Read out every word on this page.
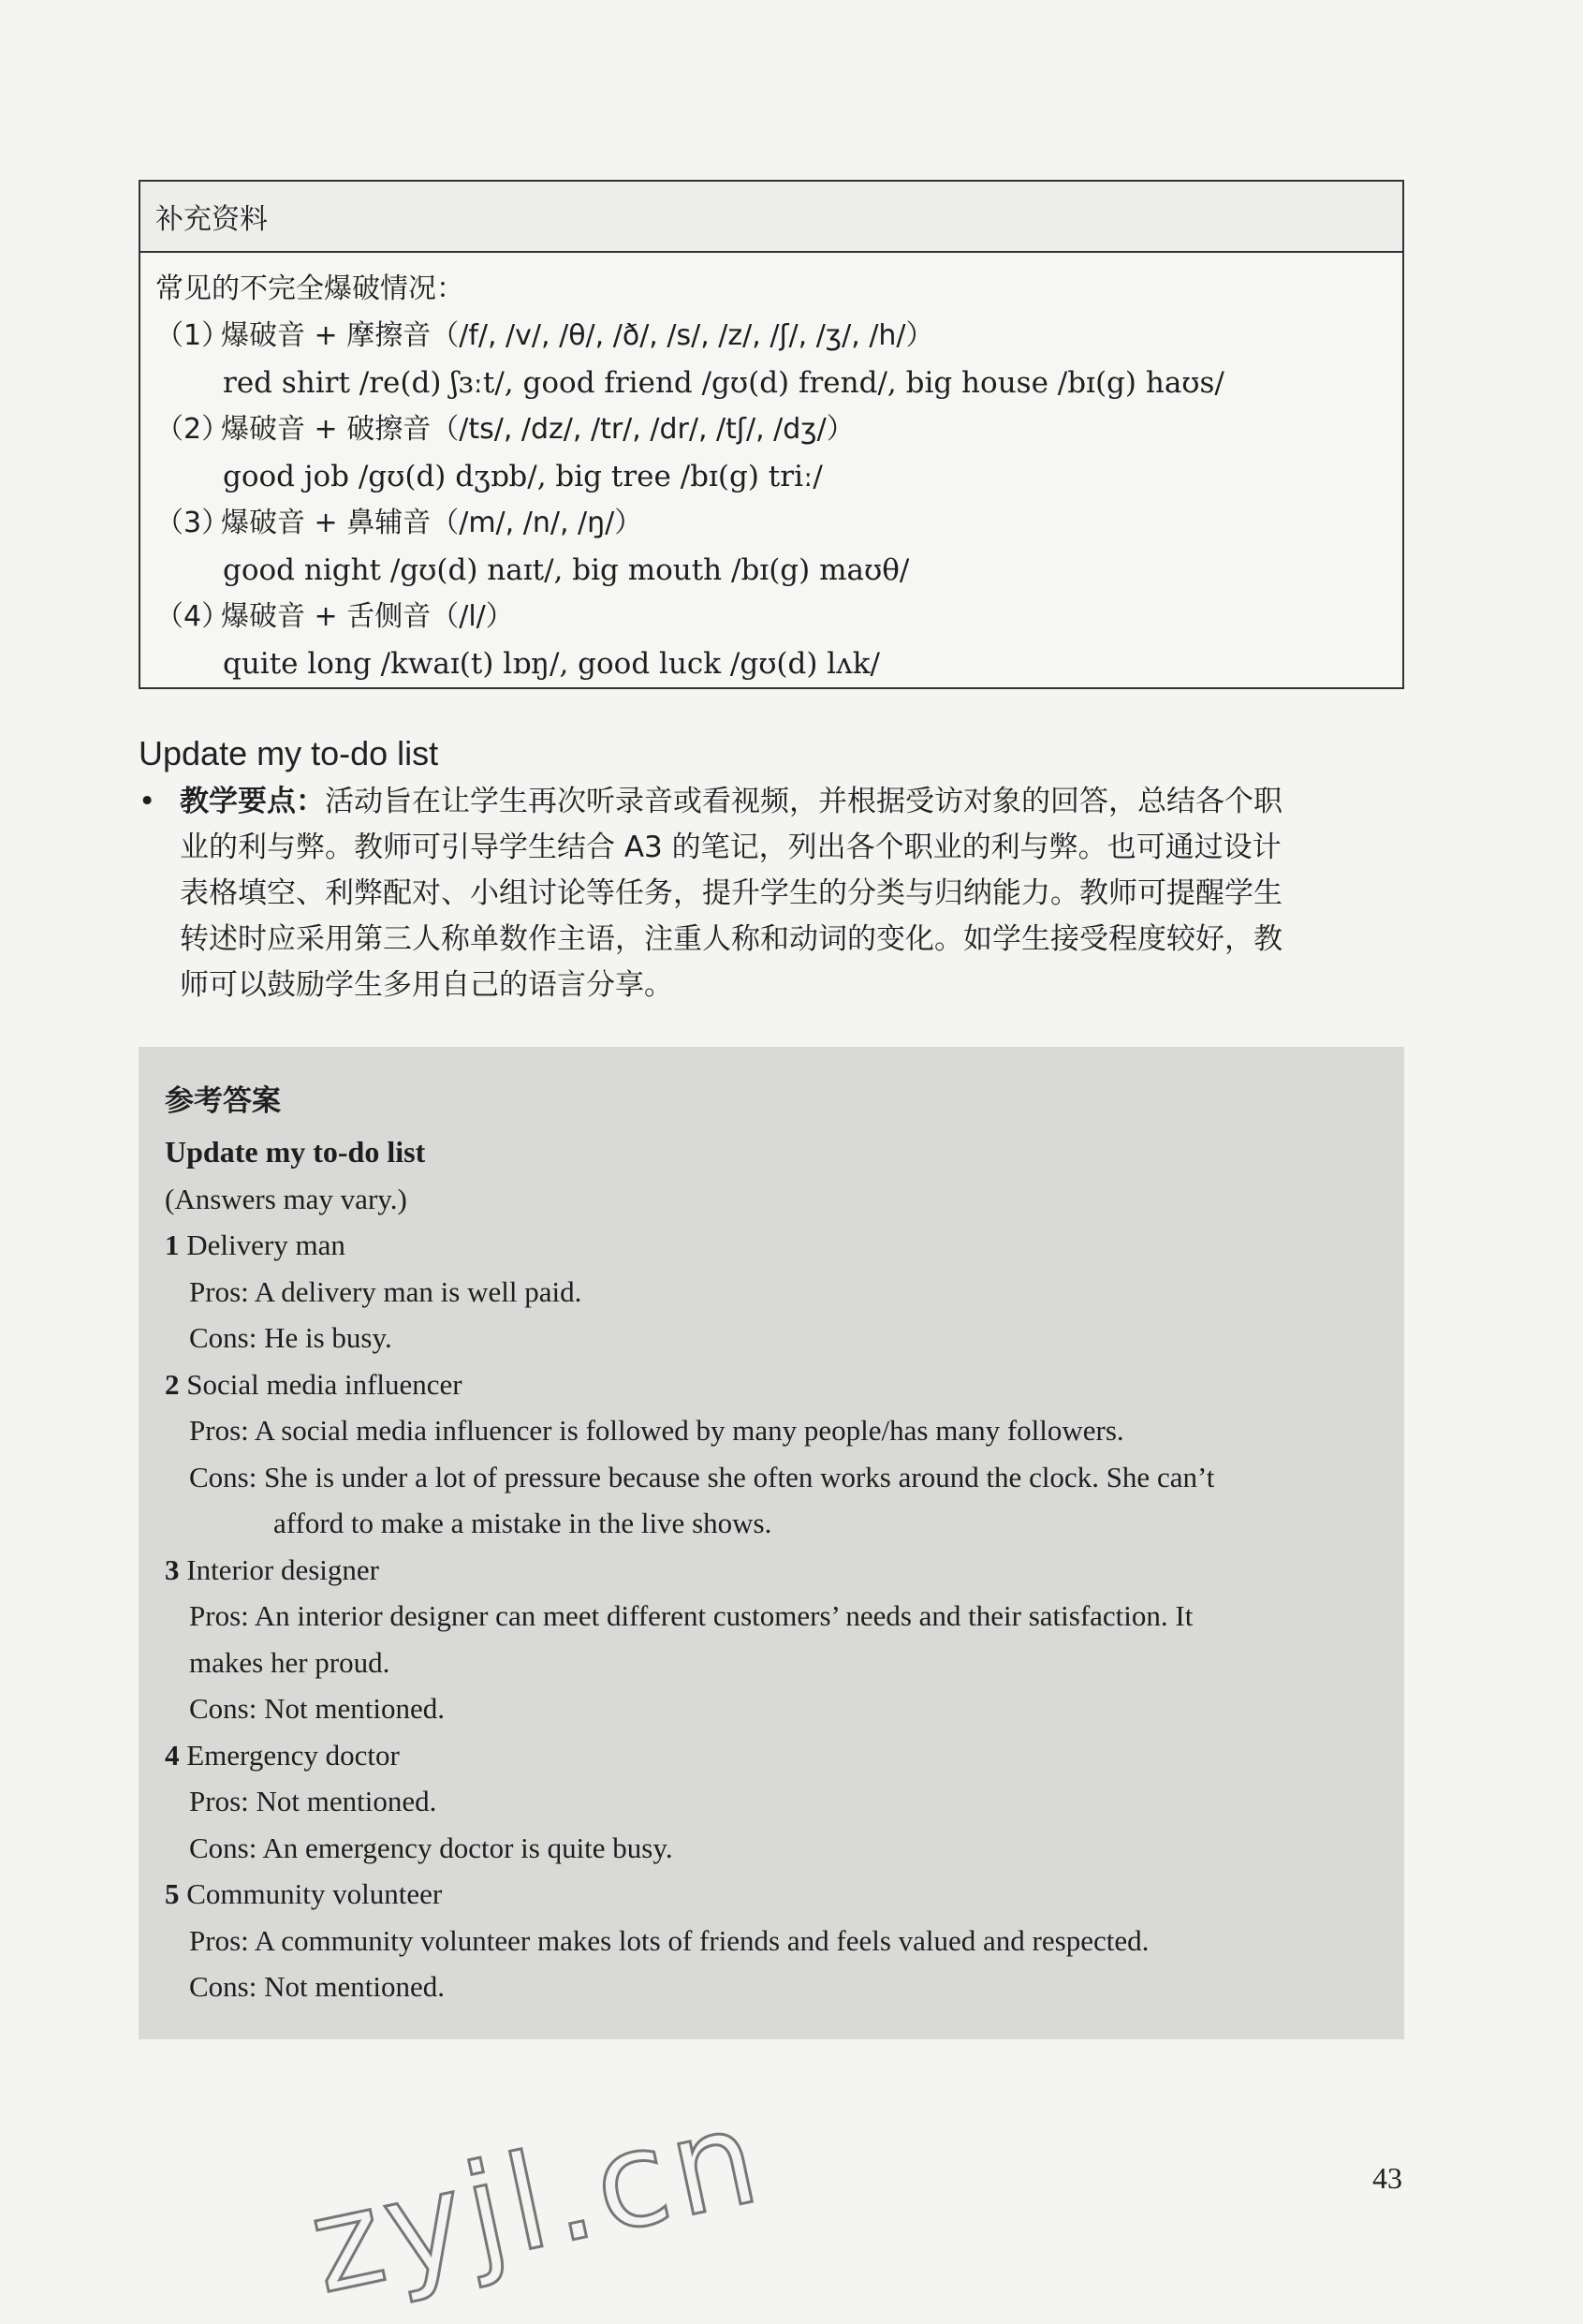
补充资料
常见的不完全爆破情况：
（1）爆破音 + 摩擦音（/f/, /v/, /θ/, /ð/, /s/, /z/, /ʃ/, /ʒ/, /h/）
red shirt /re(d) ʃɜːt/, good friend /gʊ(d) frend/, big house /bɪ(g) haʊs/
（2）爆破音 + 破擦音（/ts/, /dz/, /tr/, /dr/, /tʃ/, /dʒ/）
good job /gʊ(d) dʒɒb/, big tree /bɪ(g) triː/
（3）爆破音 + 鼻辅音（/m/, /n/, /ŋ/）
good night /gʊ(d) naɪt/, big mouth /bɪ(g) maʊθ/
（4）爆破音 + 舌侧音（/l/）
quite long /kwaɪ(t) lɒŋ/, good luck /gʊ(d) lʌk/
Update my to-do list
• 教学要点：活动旨在让学生再次听录音或看视频，并根据受访对象的回答，总结各个职
业的利与弊。教师可引导学生结合 A3 的笔记，列出各个职业的利与弊。也可通过设计
表格填空、利弊配对、小组讨论等任务，提升学生的分类与归纳能力。教师可提醒学生
转述时应采用第三人称单数作主语，注重人称和动词的变化。如学生接受程度较好，教
师可以鼓励学生多用自己的语言分享。
参考答案
Update my to-do list
(Answers may vary.)
1 Delivery man
Pros: A delivery man is well paid.
Cons: He is busy.
2 Social media influencer
Pros: A social media influencer is followed by many people/has many followers.
Cons: She is under a lot of pressure because she often works around the clock. She can’t
afford to make a mistake in the live shows.
3 Interior designer
Pros: An interior designer can meet different customers’ needs and their satisfaction. It
makes her proud.
Cons: Not mentioned.
4 Emergency doctor
Pros: Not mentioned.
Cons: An emergency doctor is quite busy.
5 Community volunteer
Pros: A community volunteer makes lots of friends and feels valued and respected.
Cons: Not mentioned.
zyjl.cn	43
